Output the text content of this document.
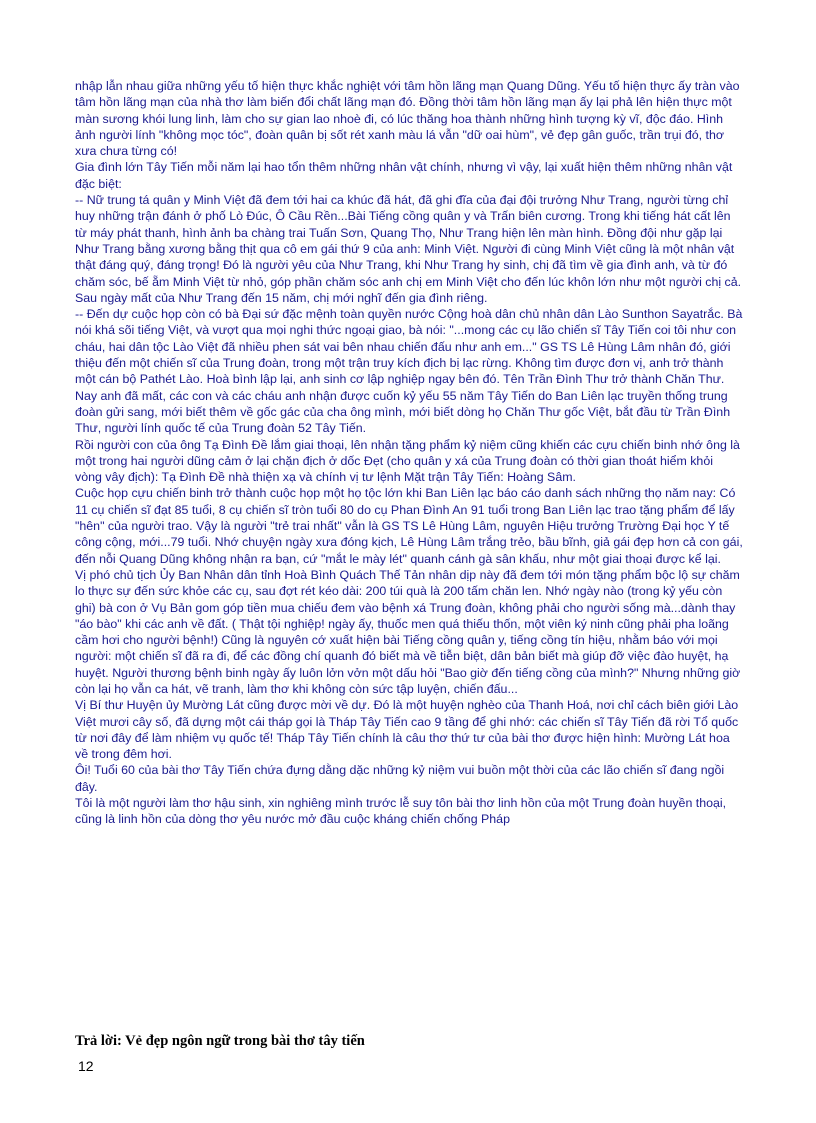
nhập lẫn nhau giữa những yếu tố hiện thực khắc nghiệt với tâm hồn lãng mạn Quang Dũng. Yếu tố hiện thực ấy tràn vào tâm hồn lãng mạn của nhà thơ làm biến đổi chất lãng mạn đó. Đồng thời tâm hồn lãng mạn ấy lại phả lên hiện thực một màn sương khói lung linh, làm cho sự gian lao nhoè đi, có lúc thăng hoa thành những hình tượng kỳ vĩ, độc đáo. Hình ảnh người lính "không mọc tóc", đoàn quân bị sốt rét xanh màu lá vẫn "dữ oai hùm", vẻ đẹp gân guốc, trần trụi đó, thơ xưa chưa từng có!

Gia đình lớn Tây Tiến mỗi năm lại hao tổn thêm những nhân vật chính, nhưng vì vậy, lại xuất hiện thêm những nhân vật đặc biệt:

-- Nữ trung tá quân y Minh Việt đã đem tới hai ca khúc đã hát, đã ghi đĩa của đại đội trưởng Như Trang, người từng chỉ huy những trận đánh ở phố Lò Đúc, Ô Cầu Rền...Bài Tiếng cồng quân y và Trấn biên cương. Trong khi tiếng hát cất lên từ máy phát thanh, hình ảnh ba chàng trai Tuấn Sơn, Quang Thọ, Như Trang hiện lên màn hình. Đồng đội như gặp lại Như Trang bằng xương bằng thịt qua cô em gái thứ 9 của anh: Minh Việt. Người đi cùng Minh Việt cũng là một nhân vật thật đáng quý, đáng trọng! Đó là người yêu của Như Trang, khi Như Trang hy sinh, chị đã tìm về gia đình anh, và từ đó chăm sóc, bế ẵm Minh Việt từ nhỏ, góp phần chăm sóc anh chị em Minh Việt cho đến lúc khôn lớn như một người chị cả. Sau ngày mất của Như Trang đến 15 năm, chị mới nghĩ đến gia đình riêng.

-- Đến dự cuộc họp còn có bà Đại sứ đặc mệnh toàn quyền nước Cộng hoà dân chủ nhân dân Lào Sunthon Sayatrắc. Bà nói khá sõi tiếng Việt, và vượt qua mọi nghi thức ngoại giao, bà nói: "...mong các cụ lão chiến sĩ Tây Tiến coi tôi như con cháu, hai dân tộc Lào Việt đã nhiều phen sát vai bên nhau chiến đấu như anh em..." GS TS Lê Hùng Lâm nhân đó, giới thiệu đến một chiến sĩ của Trung đoàn, trong một trận truy kích địch bị lạc rừng. Không tìm được đơn vị, anh trở thành một cán bộ Pathét Lào. Hoà bình lập lại, anh sinh cơ lập nghiệp ngay bên đó. Tên Trần Đình Thư trở thành Chăn Thư. Nay anh đã mất, các con và các cháu anh nhận được cuốn kỷ yếu 55 năm Tây Tiến do Ban Liên lạc truyền thống trung đoàn gửi sang, mới biết thêm về gốc gác của cha ông mình, mới biết dòng họ Chăn Thư gốc Việt, bắt đầu từ Trần Đình Thư, người lính quốc tế của Trung đoàn 52 Tây Tiến.

Rồi người con của ông Tạ Đình Đề lắm giai thoại, lên nhận tặng phẩm kỷ niệm cũng khiến các cựu chiến binh nhớ ông là một trong hai người dũng cảm ở lại chặn địch ở dốc Đẹt (cho quân y xá của Trung đoàn có thời gian thoát hiểm khỏi vòng vây địch): Tạ Đình Đề nhà thiện xạ và chính vị tư lệnh Mặt trận Tây Tiến: Hoàng Sâm.

Cuộc họp cựu chiến binh trở thành cuộc họp một họ tộc lớn khi Ban Liên lạc báo cáo danh sách những thọ năm nay: Có 11 cụ chiến sĩ đạt 85 tuổi, 8 cụ chiến sĩ tròn tuổi 80 do cụ Phan Đình An 91 tuổi trong Ban Liên lạc trao tặng phẩm để lấy "hên" của người trao. Vậy là người "trẻ trai nhất" vẫn là GS TS Lê Hùng Lâm, nguyên Hiệu trưởng Trường Đại học Y tế công cộng, mới...79 tuổi. Nhớ chuyện ngày xưa đóng kịch, Lê Hùng Lâm trắng trẻo, bầu bĩnh, giả gái đẹp hơn cả con gái, đến nỗi Quang Dũng không nhận ra bạn, cứ "mắt le mày lét" quanh cánh gà sân khấu, như một giai thoại được kể lại.

Vị phó chủ tịch Ủy Ban Nhân dân tỉnh Hoà Bình Quách Thế Tản nhân dịp này đã đem tới món tặng phẩm bộc lộ sự chăm lo thực sự đến sức khỏe các cụ, sau đợt rét kéo dài: 200 túi quà là 200 tấm chăn len. Nhớ ngày nào (trong kỷ yếu còn ghi) bà con ở Vụ Bản gom góp tiền mua chiếu đem vào bệnh xá Trung đoàn, không phải cho người sống mà...dành thay "áo bào" khi các anh về đất. ( Thật tội nghiệp! ngày ấy, thuốc men quá thiếu thốn, một viên ký ninh cũng phải pha loãng cầm hơi cho người bệnh!) Cũng là nguyên cớ xuất hiện bài Tiếng cồng quân y, tiếng cồng tín hiệu, nhằm báo với mọi người: một chiến sĩ đã ra đi, để các đồng chí quanh đó biết mà về tiễn biệt, dân bản biết mà giúp đỡ việc đào huyệt, hạ huyệt. Người thương bệnh binh ngày ấy luôn lởn vởn một dấu hỏi "Bao giờ đến tiếng cồng của mình?" Nhưng những giờ còn lại họ vẫn ca hát, vẽ tranh, làm thơ khi không còn sức tập luyện, chiến đấu...

Vị Bí thư Huyện ủy Mường Lát cũng được mời về dự. Đó là một huyện nghèo của Thanh Hoá, nơi chỉ cách biên giới Lào Việt mươi cây số, đã dựng một cái tháp gọi là Tháp Tây Tiến cao 9 tầng để ghi nhớ: các chiến sĩ Tây Tiến đã rời Tổ quốc từ nơi đây để làm nhiệm vụ quốc tế! Tháp Tây Tiến chính là câu thơ thứ tư của bài thơ được hiện hình: Mường Lát hoa về trong đêm hơi.

Ôi! Tuổi 60 của bài thơ Tây Tiến chứa đựng dằng dặc những kỷ niệm vui buồn một thời của các lão chiến sĩ đang ngồi đây.

Tôi là một người làm thơ hậu sinh, xin nghiêng mình trước lễ suy tôn bài thơ linh hồn của một Trung đoàn huyền thoại, cũng là linh hồn của dòng thơ yêu nước mở đầu cuộc kháng chiến chống Pháp

Trả lời: Vẻ đẹp ngôn ngữ trong bài thơ tây tiến
12
